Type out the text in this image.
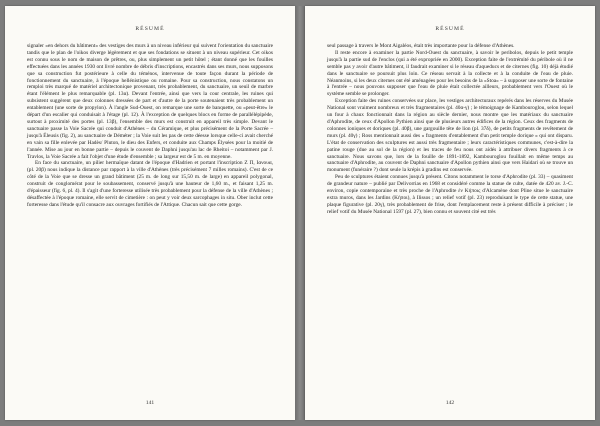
RÉSUMÉ

signaler «en dehors du bâtiment» des vestiges des murs à un niveau inférieur qui suivent l'orientation du sanctuaire tandis que le plan de l'oikos diverge légèrement et que ses fondations se situent à un niveau supérieur. Cet oikos est connu sous le nom de maison de prêtres, ou, plus simplement un petit hôtel ; étant donné que les fouilles effectuées dans les années 1930 ont livré nombre de débris d'inscriptions, encastrés dans ses murs, nous supposons que sa construction fut postérieure à celle du téménos, intervenue de toute façon durant la période de fonctionnement du sanctuaire, à l'époque hellénistique ou romaine. Pour sa construction, nous constatons un remploi très marqué de matériel architectonique provenant, très probablement, du sanctuaire, un seuil de marbre étant l'élément le plus remarquable (pl. 13α). Devant l'entrée, ainsi que vers la cour centrale, les ruines qui subsistent suggèrent que deux colonnes dressées de part et d'autre de la porte soutenaient très probablement un entablement (une sorte de propylon). À l'angle Sud-Ouest, on remarque une sorte de banquette, ou «peut-être» le départ d'un escalier qui conduisait à l'étage (pl. 12). À l'exception de quelques blocs en forme de parallélépipède, surtout à proximité des portes (pl. 13β), l'ensemble des murs est construit en appareil très simple. Devant le sanctuaire passe la Voie Sacrée qui conduit d'Athènes – du Céramique, et plus précisément de la Porte Sacrée – jusqu'à Éleusis (fig. 2), au sanctuaire de Déméter ; la Voie suit les pas de cette déesse lorsque celle-ci avait cherché en vain sa fille enlevée par Hadès/ Pluton, le dieu des Enfers, et conduite aux Champs Élysées pour la moitié de l'année. Mise au jour en bonne partie – depuis le couvent de Daphni jusqu'au lac de Rheitoi – notamment par J. Travlos, la Voie Sacrée a fait l'objet d'une étude d'ensemble ; sa largeur est de 5 m. en moyenne.

En face du sanctuaire, un pilier hermaïque datant de l'époque d'Hadrien et portant l'inscription Z Π, Ιανουα, (pl. 20β) nous indique la distance par rapport à la ville d'Athènes (très précisément 7 milles romains). C'est de ce côté de la Voie que se dresse un grand bâtiment (25 m. de long sur 15,50 m. de large) en appareil polygonal, construit de conglomérat pour le soubassement, conservé jusqu'à une hauteur de 1,60 m., et faisant 1,25 m. d'épaisseur (fig. 6, pl. 4). Il s'agit d'une forteresse utilisée très probablement pour la défense de la ville d'Athènes ; désaffectée à l'époque romaine, elle servit de cimetière : on peut y voir deux sarcophages in situ. Ober inclut cette forteresse dans l'étude qu'il consacre aux ouvrages fortifiés de l'Attique. Chacun sait que cette gorge.

141
RÉSUMÉ

seul passage à travers le Mont Aigaléos, était très importante pour la défense d'Athènes.

Il reste encore à examiner la partie Nord-Ouest du sanctuaire, à savoir le peribolos, depuis le petit temple jusqu'à la partie sud de l'enclos (qui a été expropriée en 2000). Exception faite de l'extrémité du péribole où il ne semble pas y avoir d'autre bâtiment, il faudrait examiner si le réseau d'aqueducs et de citernes (fig. 10) déjà étudié dans le sanctuaire se poursuit plus loin. Ce réseau servait à la collecte et à la conduite de l'eau de pluie. Néanmoins, si les deux citernes ont été aménagées pour les besoins de la «Stoa» – à supposer une sorte de fontaine à l'entrée – nous pouvons supposer que l'eau de pluie était collectée ailleurs, probablement vers l'Ouest où le système semble se prolonger.

Exception faite des ruines conservées sur place, les vestiges architecturaux repérés dans les réserves du Musée National sont vraiment nombreux et très fragmentaires (pl. 40α-γ) ; le témoignage de Kambouroglou, selon lequel un four à chaux fonctionnait dans la région au siècle dernier, nous montre que les matériaux du sanctuaire d'Aphrodite, de ceux d'Apollon Pythien ainsi que de plusieurs autres édifices de la région. Ceux des fragments de colonnes ioniques et doriques (pl. 40β), une gargouille tête de lion (pl. 37δ), de petits fragments de revêtement de murs (pl. 40γ) ; Ross mentionnait aussi des « fragments d'entablement d'un petit temple dorique » qui ont disparu. L'état de conservation des sculptures est aussi très fragmentaire ; leurs caractéristiques communes, c'est-à-dire la patine rouge (due au sol de la région) et les traces de feu nous ont aidés à attribuer divers fragments à ce sanctuaire. Nous savons que, lors de la fouille de 1891-1892, Kambouroglou fouillait en même temps au sanctuaire d'Aphrodite, au couvent de Daphni sanctuaire d'Apollon pythien ainsi que vers Haidari où se trouve un monument (funéraire ?) dont seule la krépis à gradins est conservée.

Peu de sculptures étaient connues jusqu'à présent. Citons notamment le torse d'Aphrodite (pl. 33) – quasiment de grandeur nature – publié par Delivorrias en 1968 et considéré comme la statue de culte, datée de 420 av. J.-C. environ, copie contemporaine et très proche de l'Aphrodite ὲν Κήποις d'Alcamène dont Pline situe le sanctuaire extra muros, dans les Jardins (Κήποι), à Ilissos ; un relief votif (pl. 23) reproduisant le type de cette statue, une plaque figurative (pl. 20γ), très probablement de frise, dont l'emplacement reste à présent difficile à préciser ; le relief votif du Musée National 1597 (pl. 27), bien connu et souvent cité est très

142
